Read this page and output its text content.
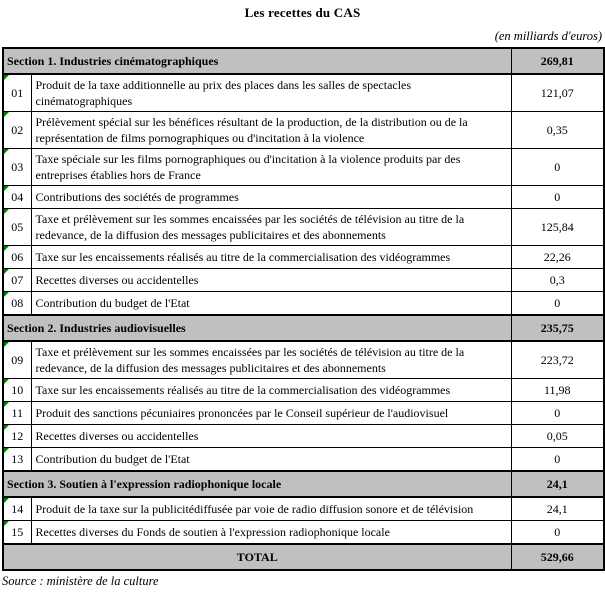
Les recettes du CAS
(en milliards d'euros)
Section 1. Industries cinématographiques		269,81

01	Produit de la taxe additionnelle au prix des places dans les salles de spectacles cinématographiques	121,07

02	Prélèvement spécial sur les bénéfices résultant de la production, de la distribution ou de la représentation de films pornographiques ou d'incitation à la violence	0,35

03	Taxe spéciale sur les films pornographiques ou d'incitation à la violence produits par des entreprises établies hors de France	0

04	Contributions des sociétés de programmes	0

05	Taxe et prélèvement sur les sommes encaissées par les sociétés de télévision au titre de la redevance, de la diffusion des messages publicitaires et des abonnements	125,84

06	Taxe sur les encaissements réalisés au titre de la commercialisation des vidéogrammes	22,26

07	Recettes diverses ou accidentelles	0,3

08	Contribution du budget de l'Etat	0
Section 2. Industries audiovisuelles		235,75

09	Taxe et prélèvement sur les sommes encaissées par les sociétés de télévision au titre de la redevance, de la diffusion des messages publicitaires et des abonnements	223,72

10	Taxe sur les encaissements réalisés au titre de la commercialisation des vidéogrammes	11,98

11	Produit des sanctions pécuniaires prononcées par le Conseil supérieur de l'audiovisuel	0

12	Recettes diverses ou accidentelles	0,05

13	Contribution du budget de l'Etat	0
Section 3. Soutien à l'expression radiophonique locale		24,1

14	Produit de la taxe sur la publicitédiffusée par voie de radio diffusion sonore et de télévision	24,1

15	Recettes diverses du Fonds de soutien à l'expression radiophonique locale	0
TOTAL		529,66
Source : ministère de la culture
